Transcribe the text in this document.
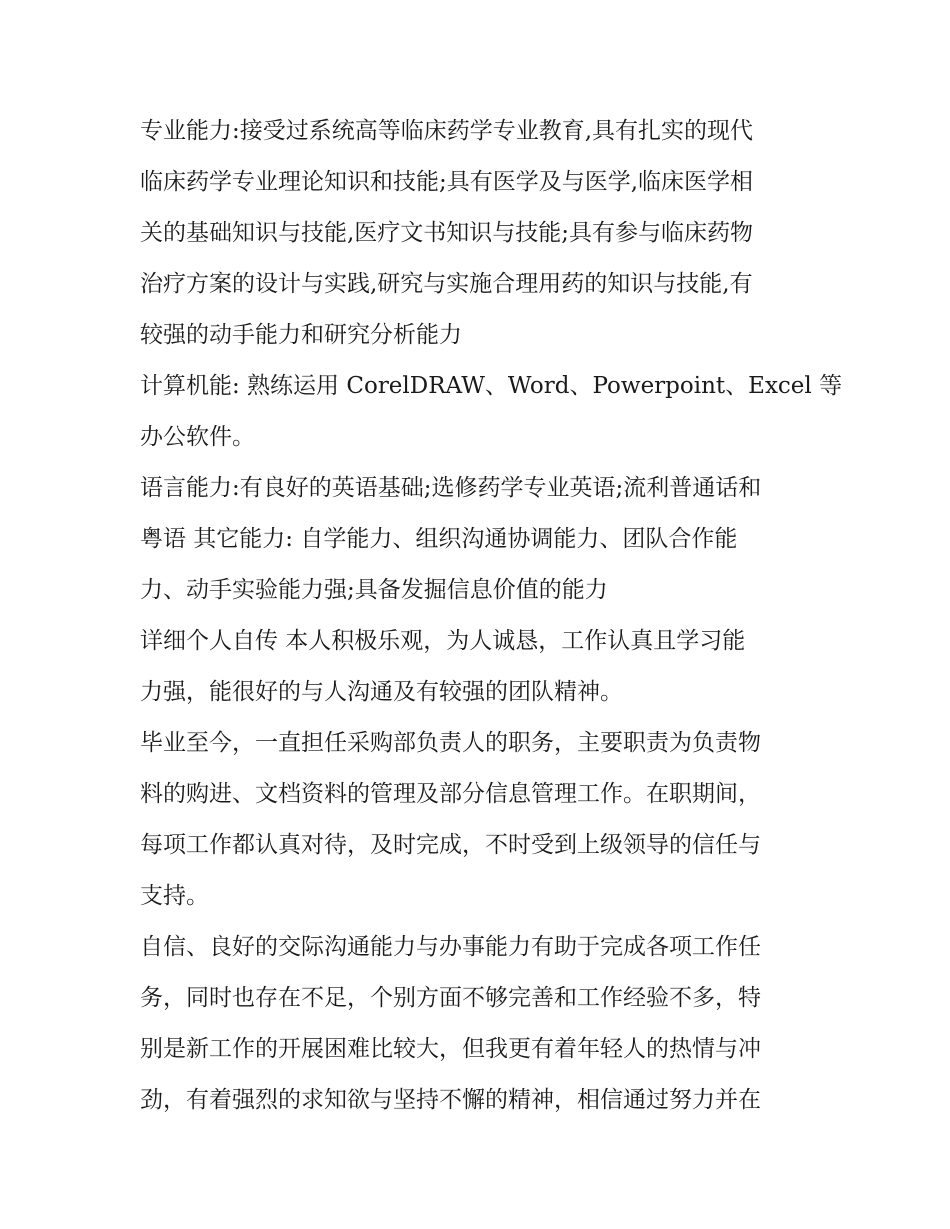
专业能力:接受过系统高等临床药学专业教育,具有扎实的现代
临床药学专业理论知识和技能;具有医学及与医学,临床医学相
关的基础知识与技能,医疗文书知识与技能;具有参与临床药物
治疗方案的设计与实践,研究与实施合理用药的知识与技能,有
较强的动手能力和研究分析能力
计算机能: 熟练运用 CorelDRAW、Word、Powerpoint、Excel 等
办公软件。
语言能力:有良好的英语基础;选修药学专业英语;流利普通话和
粤语 其它能力: 自学能力、组织沟通协调能力、团队合作能
力、动手实验能力强;具备发掘信息价值的能力
详细个人自传 本人积极乐观，为人诚恳，工作认真且学习能
力强，能很好的与人沟通及有较强的团队精神。
毕业至今，一直担任采购部负责人的职务，主要职责为负责物
料的购进、文档资料的管理及部分信息管理工作。在职期间，
每项工作都认真对待，及时完成，不时受到上级领导的信任与
支持。
自信、良好的交际沟通能力与办事能力有助于完成各项工作任
务，同时也存在不足，个别方面不够完善和工作经验不多，特
别是新工作的开展困难比较大，但我更有着年轻人的热情与冲
劲，有着强烈的求知欲与坚持不懈的精神，相信通过努力并在
